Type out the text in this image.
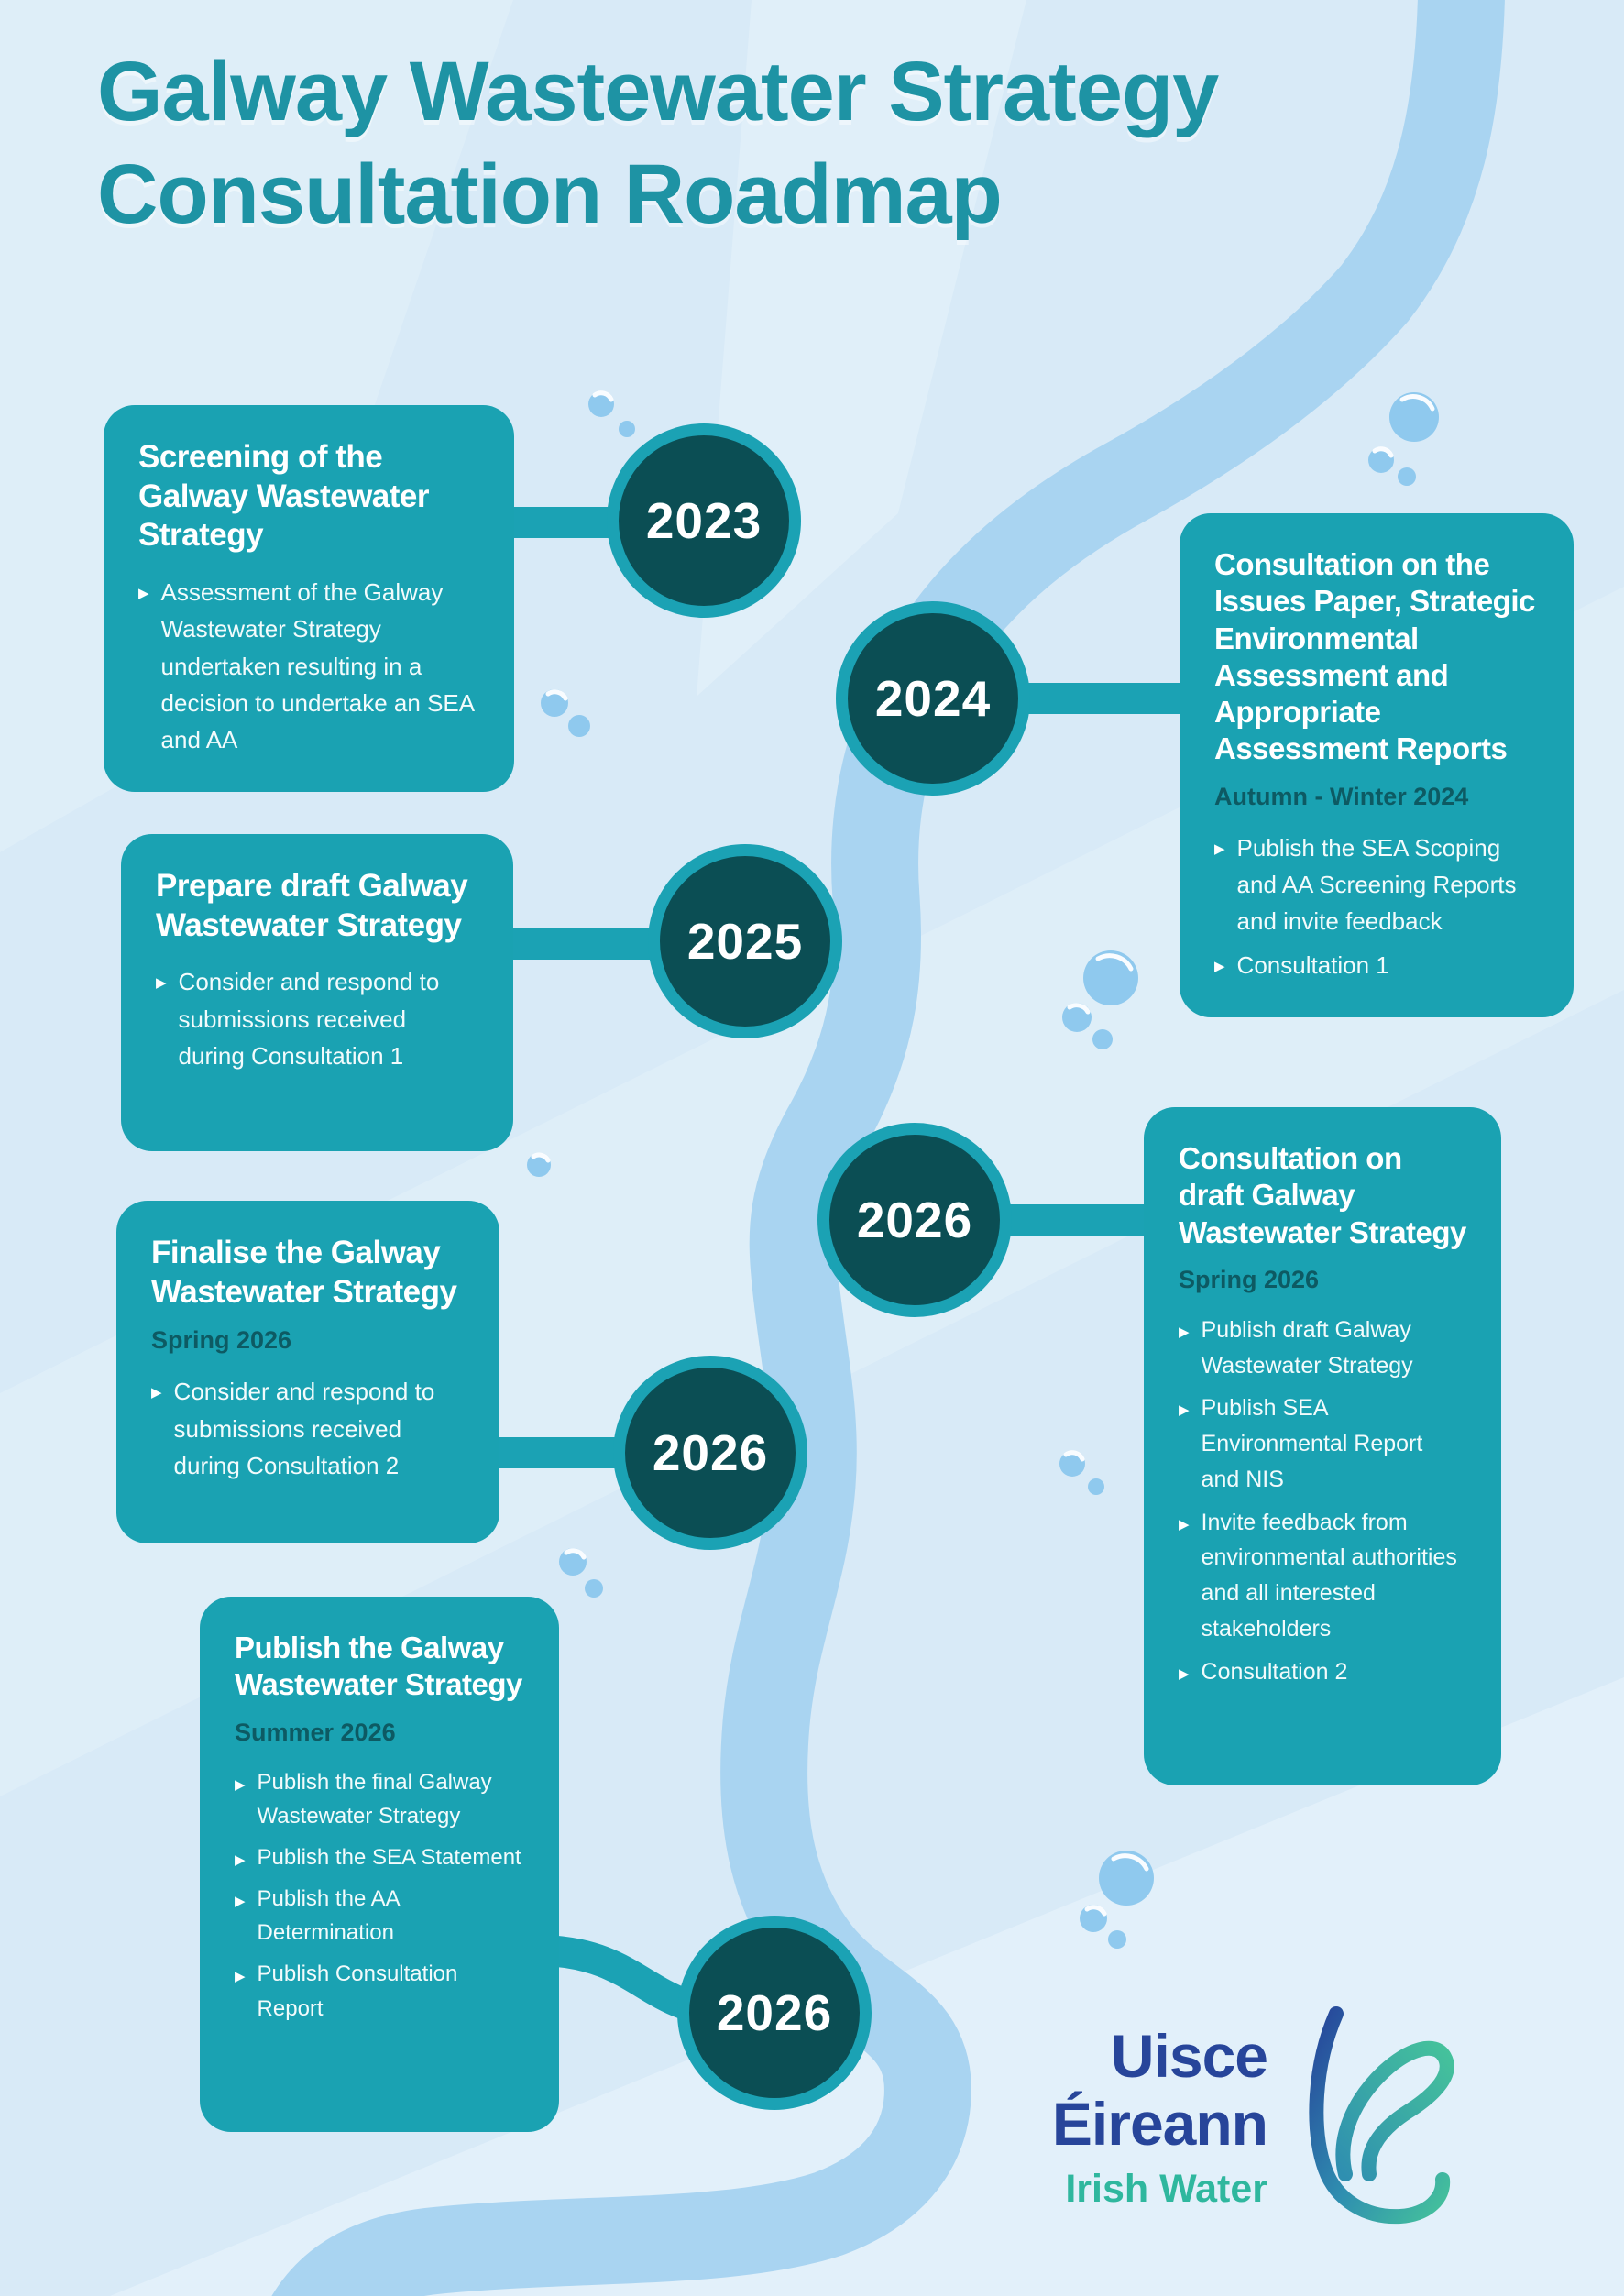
Galway Wastewater Strategy
Consultation Roadmap
Screening of the Galway Wastewater Strategy
▶ Assessment of the Galway Wastewater Strategy undertaken resulting in a decision to undertake an SEA and AA
Consultation on the Issues Paper, Strategic Environmental Assessment and Appropriate Assessment Reports

Autumn - Winter 2024

▶ Publish the SEA Scoping and AA Screening Reports and invite feedback
▶ Consultation 1
Prepare draft Galway Wastewater Strategy
▶ Consider and respond to submissions received during Consultation 1
Consultation on draft Galway Wastewater Strategy

Spring 2026

▶ Publish draft Galway Wastewater Strategy
▶ Publish SEA Environmental Report and NIS
▶ Invite feedback from environmental authorities and all interested stakeholders
▶ Consultation 2
Finalise the Galway Wastewater Strategy

Spring 2026

▶ Consider and respond to submissions received during Consultation 2
Publish the Galway Wastewater Strategy

Summer 2026

▶ Publish the final Galway Wastewater Strategy
▶ Publish the SEA Statement
▶ Publish the AA Determination
▶ Publish Consultation Report
2023
2024
2025
2026
2026
2026
Uisce
Éireann
Irish Water
